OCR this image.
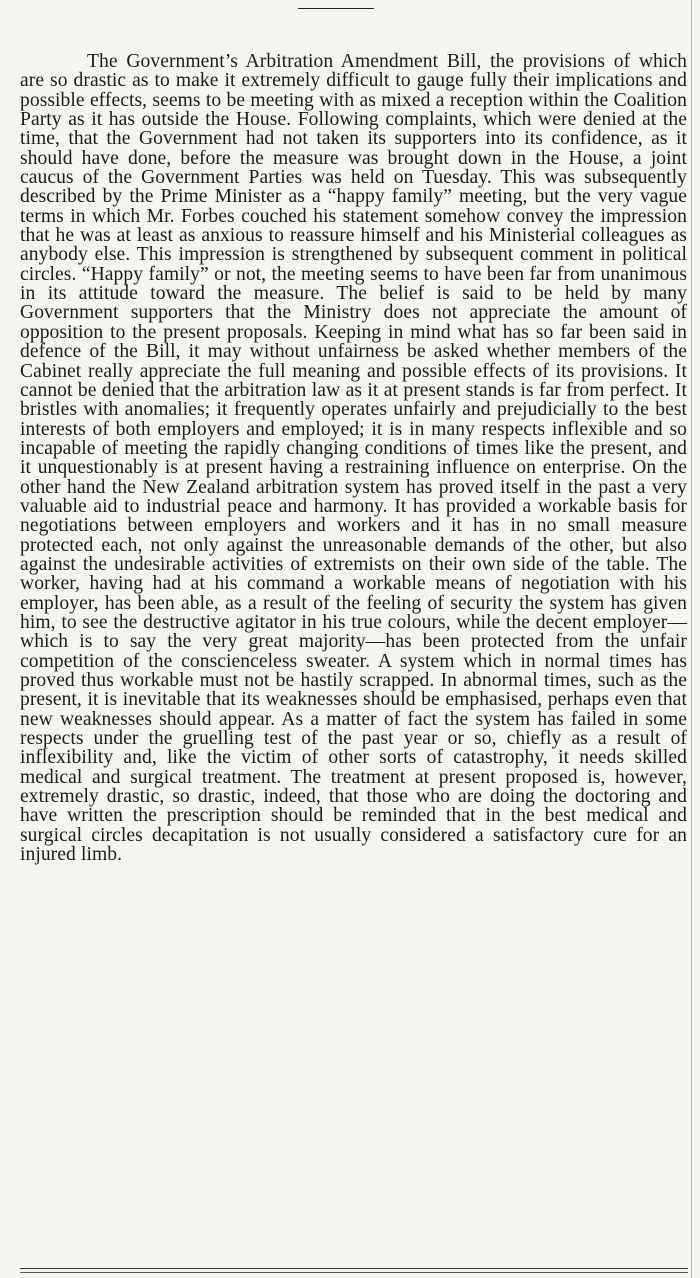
The Government’s Arbitration Amendment Bill, the provisions of which are so drastic as to make it extremely difficult to gauge fully their implications and possible effects, seems to be meeting with as mixed a reception within the Coalition Party as it has outside the House. Following complaints, which were denied at the time, that the Government had not taken its supporters into its confidence, as it should have done, before the measure was brought down in the House, a joint caucus of the Government Parties was held on Tuesday. This was subsequently described by the Prime Minister as a “happy family” meeting, but the very vague terms in which Mr. Forbes couched his statement somehow convey the impression that he was at least as anxious to reassure himself and his Ministerial colleagues as anybody else. This impression is strengthened by subsequent comment in political circles. “Happy family” or not, the meeting seems to have been far from unanimous in its attitude toward the measure. The belief is said to be held by many Government supporters that the Ministry does not appreciate the amount of opposition to the present proposals. Keeping in mind what has so far been said in defence of the Bill, it may without unfairness be asked whether members of the Cabinet really appreciate the full meaning and possible effects of its provisions. It cannot be denied that the arbitration law as it at present stands is far from perfect. It bristles with anomalies; it frequently operates unfairly and prejudicially to the best interests of both employers and employed; it is in many respects inflexible and so incapable of meeting the rapidly changing conditions of times like the present, and it unquestionably is at present having a restraining influence on enterprise. On the other hand the New Zealand arbitration system has proved itself in the past a very valuable aid to industrial peace and harmony. It has provided a workable basis for negotiations between employers and workers and it has in no small measure protected each, not only against the unreasonable demands of the other, but also against the undesirable activities of extremists on their own side of the table. The worker, having had at his command a workable means of negotiation with his employer, has been able, as a result of the feeling of security the system has given him, to see the destructive agitator in his true colours, while the decent employer—which is to say the very great majority—has been protected from the unfair competition of the conscienceless sweater. A system which in normal times has proved thus workable must not be hastily scrapped. In abnormal times, such as the present, it is inevitable that its weaknesses should be emphasised, perhaps even that new weaknesses should appear. As a matter of fact the system has failed in some respects under the gruelling test of the past year or so, chiefly as a result of inflexibility and, like the victim of other sorts of catastrophy, it needs skilled medical and surgical treatment. The treatment at present proposed is, however, extremely drastic, so drastic, indeed, that those who are doing the doctoring and have written the prescription should be reminded that in the best medical and surgical circles decapitation is not usually considered a satisfactory cure for an injured limb.
